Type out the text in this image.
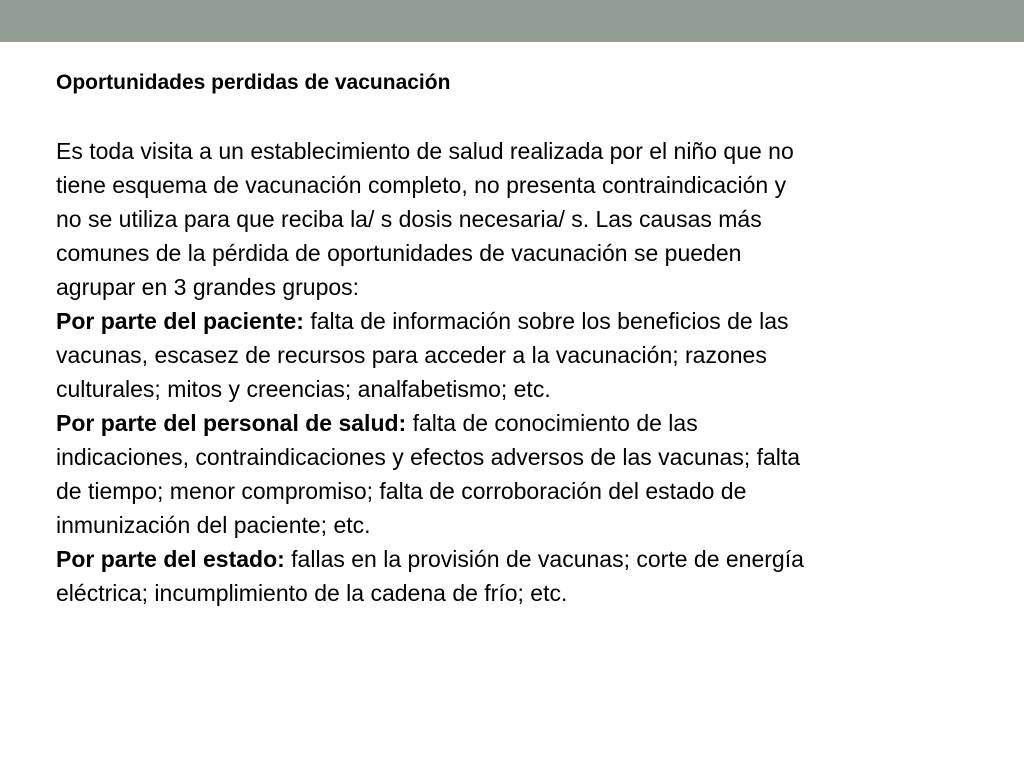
Oportunidades perdidas de vacunación

Es toda visita a un establecimiento de salud realizada por el niño que no
tiene esquema de vacunación completo, no presenta contraindicación y
no se utiliza para que reciba la/ s dosis necesaria/ s. Las causas más
comunes de la pérdida de oportunidades de vacunación se pueden
agrupar en 3 grandes grupos:

Por parte del paciente: falta de información sobre los beneficios de las
vacunas, escasez de recursos para acceder a la vacunación; razones
culturales; mitos y creencias; analfabetismo; etc.

Por parte del personal de salud: falta de conocimiento de las
indicaciones, contraindicaciones y efectos adversos de las vacunas; falta
de tiempo; menor compromiso; falta de corroboración del estado de
inmunización del paciente; etc.

Por parte del estado: fallas en la provisión de vacunas; corte de energía
eléctrica; incumplimiento de la cadena de frío; etc.
